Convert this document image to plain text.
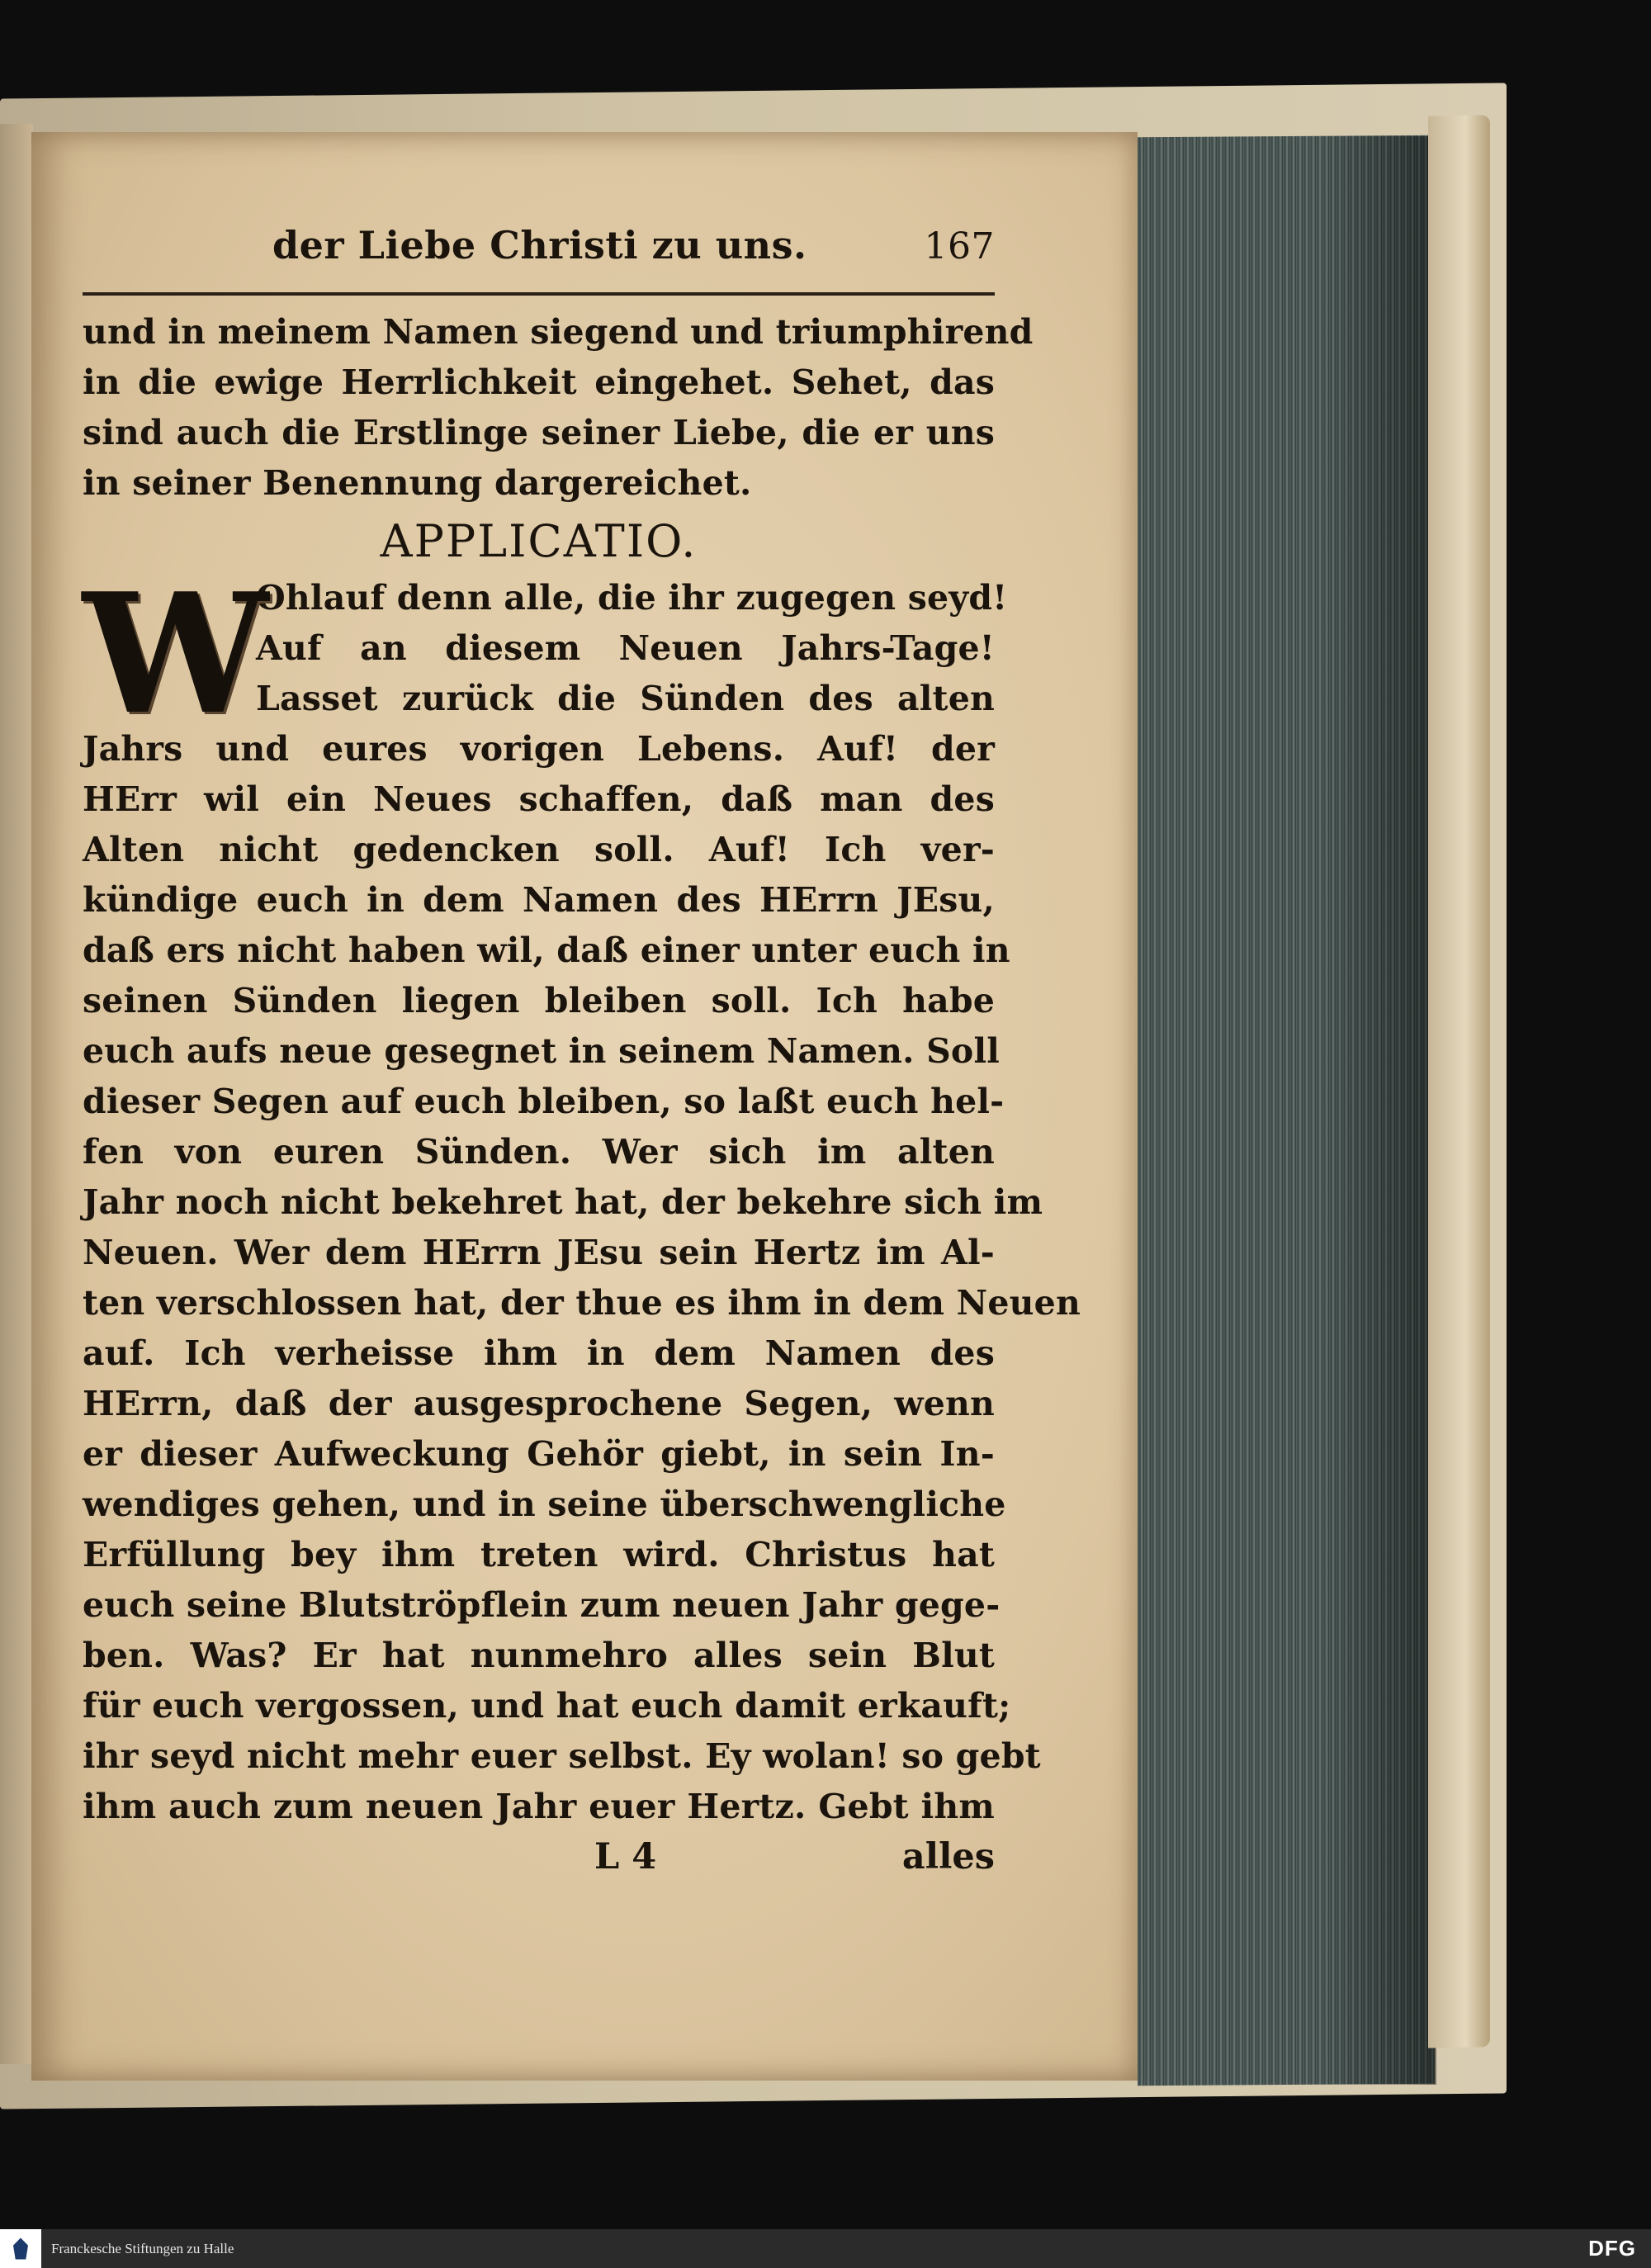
der Liebe Christi zu uns.	167
und in meinem Namen siegend und triumphirend
in die ewige Herrlichkeit eingehet. Sehet, das
sind auch die Erstlinge seiner Liebe, die er uns
in seiner Benennung dargereichet.
APPLICATIO.
W
Ohlauf denn alle, die ihr zugegen seyd!
Auf an diesem Neuen Jahrs-Tage!
Lasset zurück die Sünden des alten
Jahrs und eures vorigen Lebens. Auf! der
HErr wil ein Neues schaffen, daß man des
Alten nicht gedencken soll. Auf! Ich ver-
kündige euch in dem Namen des HErrn JEsu,
daß ers nicht haben wil, daß einer unter euch in
seinen Sünden liegen bleiben soll. Ich habe
euch aufs neue gesegnet in seinem Namen. Soll
dieser Segen auf euch bleiben, so laßt euch hel-
fen von euren Sünden. Wer sich im alten
Jahr noch nicht bekehret hat, der bekehre sich im
Neuen. Wer dem HErrn JEsu sein Hertz im Al-
ten verschlossen hat, der thue es ihm in dem Neuen
auf. Ich verheisse ihm in dem Namen des
HErrn, daß der ausgesprochene Segen, wenn
er dieser Aufweckung Gehör giebt, in sein In-
wendiges gehen, und in seine überschwengliche
Erfüllung bey ihm treten wird. Christus hat
euch seine Blutströpflein zum neuen Jahr gege-
ben. Was? Er hat nunmehro alles sein Blut
für euch vergossen, und hat euch damit erkauft;
ihr seyd nicht mehr euer selbst. Ey wolan! so gebt
ihm auch zum neuen Jahr euer Hertz. Gebt ihm
L 4	alles
Franckesche Stiftungen zu Halle	DFG
